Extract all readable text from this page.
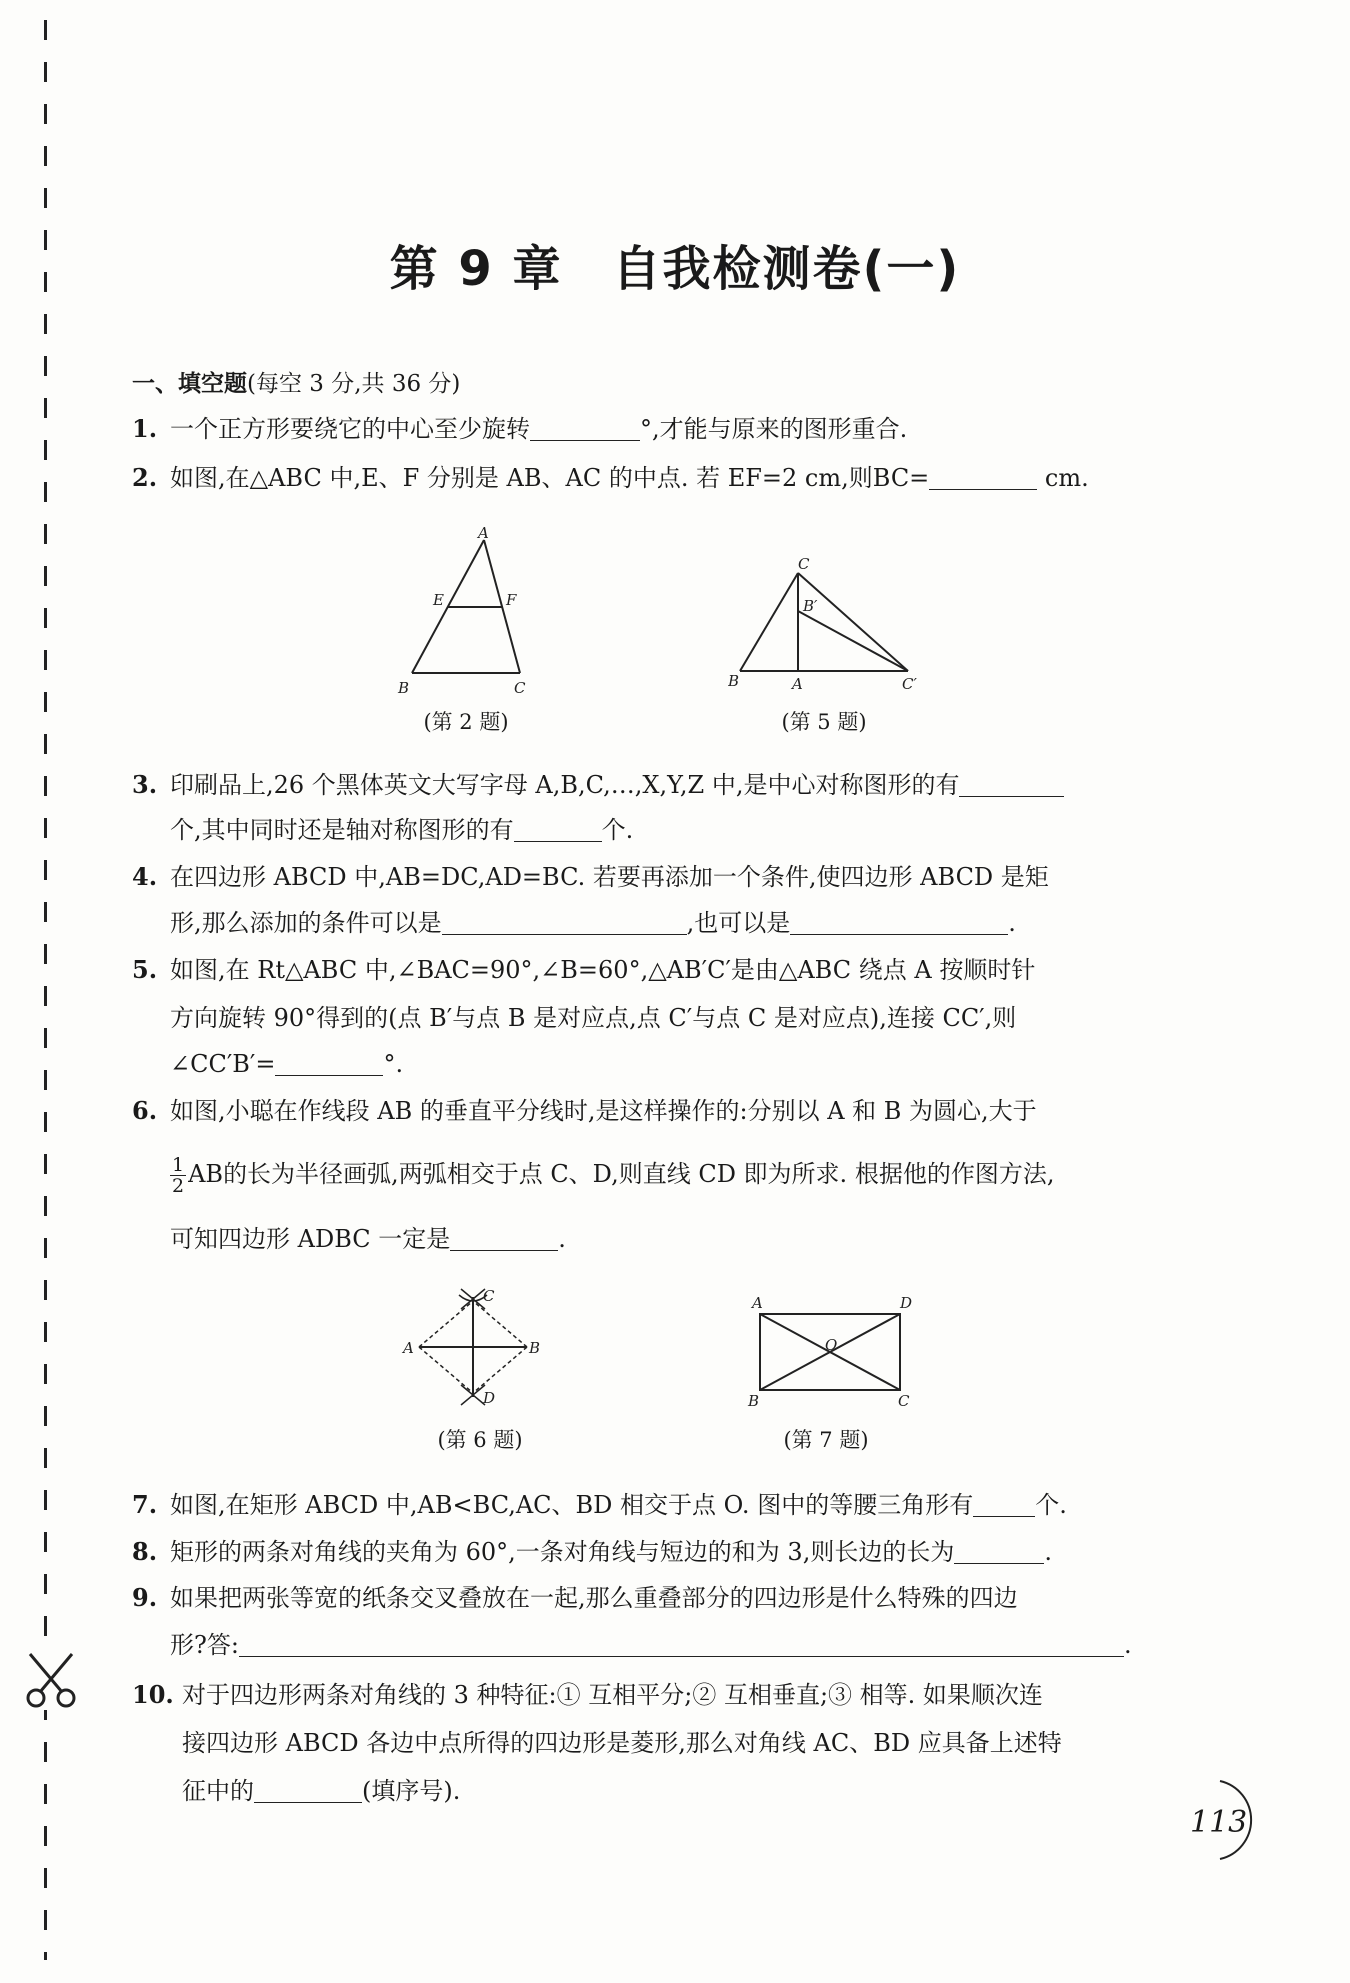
第 9 章 自我检测卷(一)
一、填空题(每空 3 分,共 36 分)
1. 一个正方形要绕它的中心至少旋转	°,才能与原来的图形重合.
2. 如图,在△ABC 中,E、F 分别是 AB、AC 的中点. 若 EF=2 cm,则BC=	cm.
A
E	F
B	C
(第 2 题)
C
B′
B	A	C′
(第 5 题)
3. 印刷品上,26 个黑体英文大写字母 A,B,C,…,X,Y,Z 中,是中心对称图形的有
个,其中同时还是轴对称图形的有	个.
4. 在四边形 ABCD 中,AB=DC,AD=BC. 若要再添加一个条件,使四边形 ABCD 是矩
形,那么添加的条件可以是	,也可以是	.
5. 如图,在 Rt△ABC 中,∠BAC=90°,∠B=60°,△AB′C′是由△ABC 绕点 A 按顺时针
方向旋转 90°得到的(点 B′与点 B 是对应点,点 C′与点 C 是对应点),连接 CC′,则
∠CC′B′=	°.
6. 如图,小聪在作线段 AB 的垂直平分线时,是这样操作的:分别以 A 和 B 为圆心,大于
$\frac{1}{2}$ AB的长为半径画弧,两弧相交于点 C、D,则直线 CD 即为所求. 根据他的作图方法,
可知四边形 ADBC 一定是	.
C
A	B
D
(第 6 题)
A	D
O
B	C
(第 7 题)
7. 如图,在矩形 ABCD 中,AB<BC,AC、BD 相交于点 O. 图中的等腰三角形有	个.
8. 矩形的两条对角线的夹角为 60°,一条对角线与短边的和为 3,则长边的长为	.
9. 如果把两张等宽的纸条交叉叠放在一起,那么重叠部分的四边形是什么特殊的四边
形?答:	.
10. 对于四边形两条对角线的 3 种特征:① 互相平分;② 互相垂直;③ 相等. 如果顺次连
接四边形 ABCD 各边中点所得的四边形是菱形,那么对角线 AC、BD 应具备上述特
征中的	(填序号).
113
